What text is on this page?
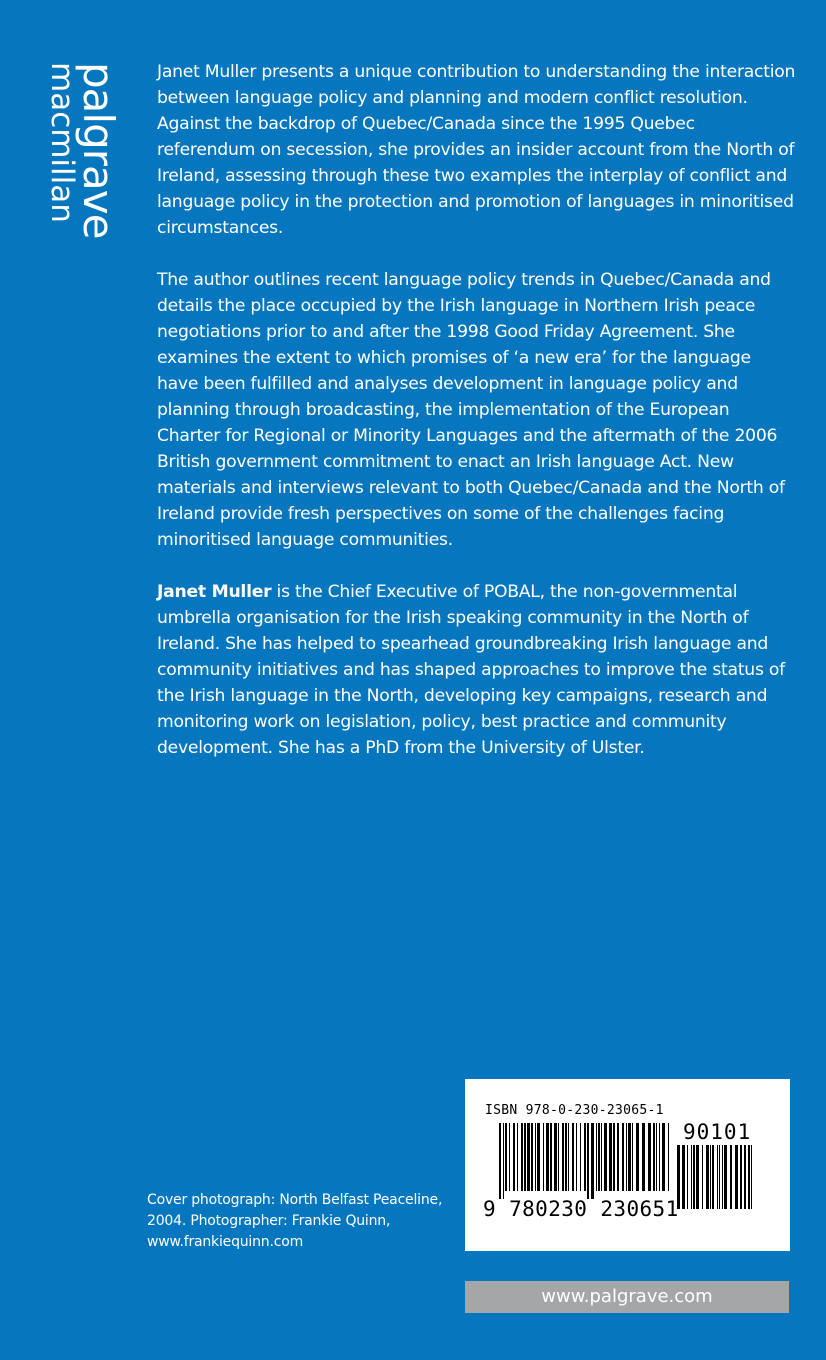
palgrave
macmillan	Janet Muller presents a unique contribution to understanding the interaction between language policy and planning and modern conflict resolution. Against the backdrop of Quebec/Canada since the 1995 Quebec referendum on secession, she provides an insider account from the North of Ireland, assessing through these two examples the interplay of conflict and language policy in the protection and promotion of languages in minoritised circumstances.

The author outlines recent language policy trends in Quebec/Canada and details the place occupied by the Irish language in Northern Irish peace negotiations prior to and after the 1998 Good Friday Agreement. She examines the extent to which promises of ‘a new era’ for the language have been fulfilled and analyses development in language policy and planning through broadcasting, the implementation of the European Charter for Regional or Minority Languages and the aftermath of the 2006 British government commitment to enact an Irish language Act. New materials and interviews relevant to both Quebec/Canada and the North of Ireland provide fresh perspectives on some of the challenges facing minoritised language communities.

Janet Muller is the Chief Executive of POBAL, the non-governmental umbrella organisation for the Irish speaking community in the North of Ireland. She has helped to spearhead groundbreaking Irish language and community initiatives and has shaped approaches to improve the status of the Irish language in the North, developing key campaigns, research and monitoring work on legislation, policy, best practice and community development. She has a PhD from the University of Ulster.

Cover photograph: North Belfast Peaceline, 2004. Photographer: Frankie Quinn, www.frankiequinn.com
ISBN 978-0-230-23065-1
90101
9 780230 230651
www.palgrave.com
